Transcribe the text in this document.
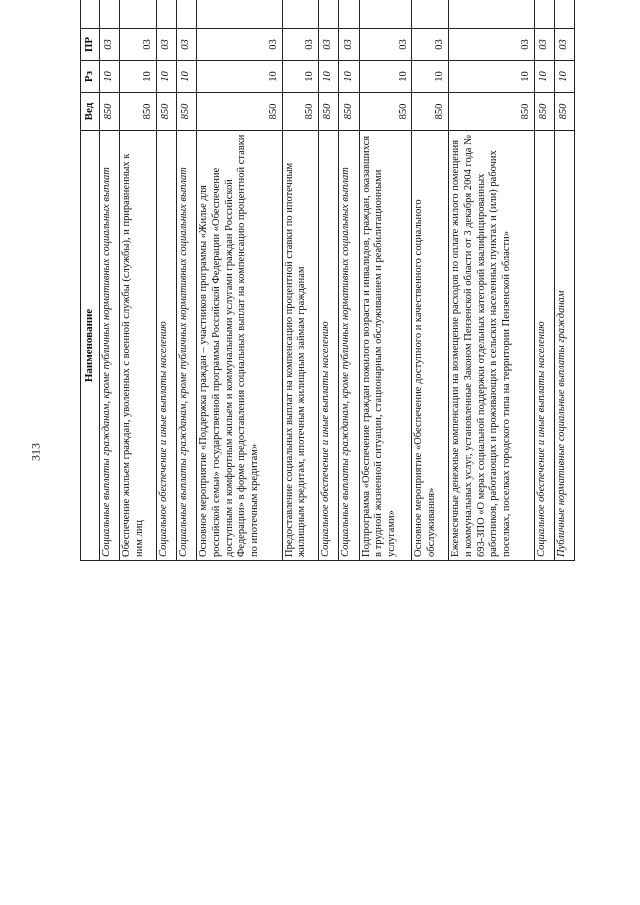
313
Наименование	Вед	Рз	ПР			
Социальные выплаты гражданам, кроме публичных нормативных социальных выплат	850	10	03			
Обеспечение жильем граждан, уволенных с военной службы (службы), и приравненных к ним лиц	850	10	03			
Социальное обеспечение и иные выплаты населению	850	10	03			
Социальные выплаты гражданам, кроме публичных нормативных социальных выплат	850	10	03			
Основное мероприятие «Поддержка граждан – участников программы «Жилье для российской семьи» государственной программы Российской Федерации «Обеспечение доступным и комфортным жильем и коммунальными услугами граждан Российской Федерации» в форме предоставления социальных выплат на компенсацию процентной ставки по ипотечным кредитам»	850	10	03			
Предоставление социальных выплат на компенсацию процентной ставки по ипотечным жилищным кредитам, ипотечным жилищным займам гражданам	850	10	03			
Социальное обеспечение и иные выплаты населению	850	10	03			
Социальные выплаты гражданам, кроме публичных нормативных социальных выплат	850	10	03			
Подпрограмма «Обеспечение граждан пожилого возраста и инвалидов, граждан, оказавшихся в трудной жизненной ситуации, стационарным обслуживанием и реабилитационными услугами»	850	10	03			
Основное мероприятие «Обеспечение доступного и качественного социального обслуживания»	850	10	03			
Ежемесячные денежные компенсации на возмещение расходов по оплате жилого помещения и коммунальных услуг, установленные Законом Пензенской области от 3 декабря 2004 года № 693-ЗПО «О мерах социальной поддержки отдельных категорий квалифицированных работников, работающих и проживающих в сельских населенных пунктах и (или) рабочих поселках, поселках городского типа на территории Пензенской области»	850	10	03			
Социальное обеспечение и иные выплаты населению	850	10	03			
Публичные нормативные социальные выплаты гражданам	850	10	03			
